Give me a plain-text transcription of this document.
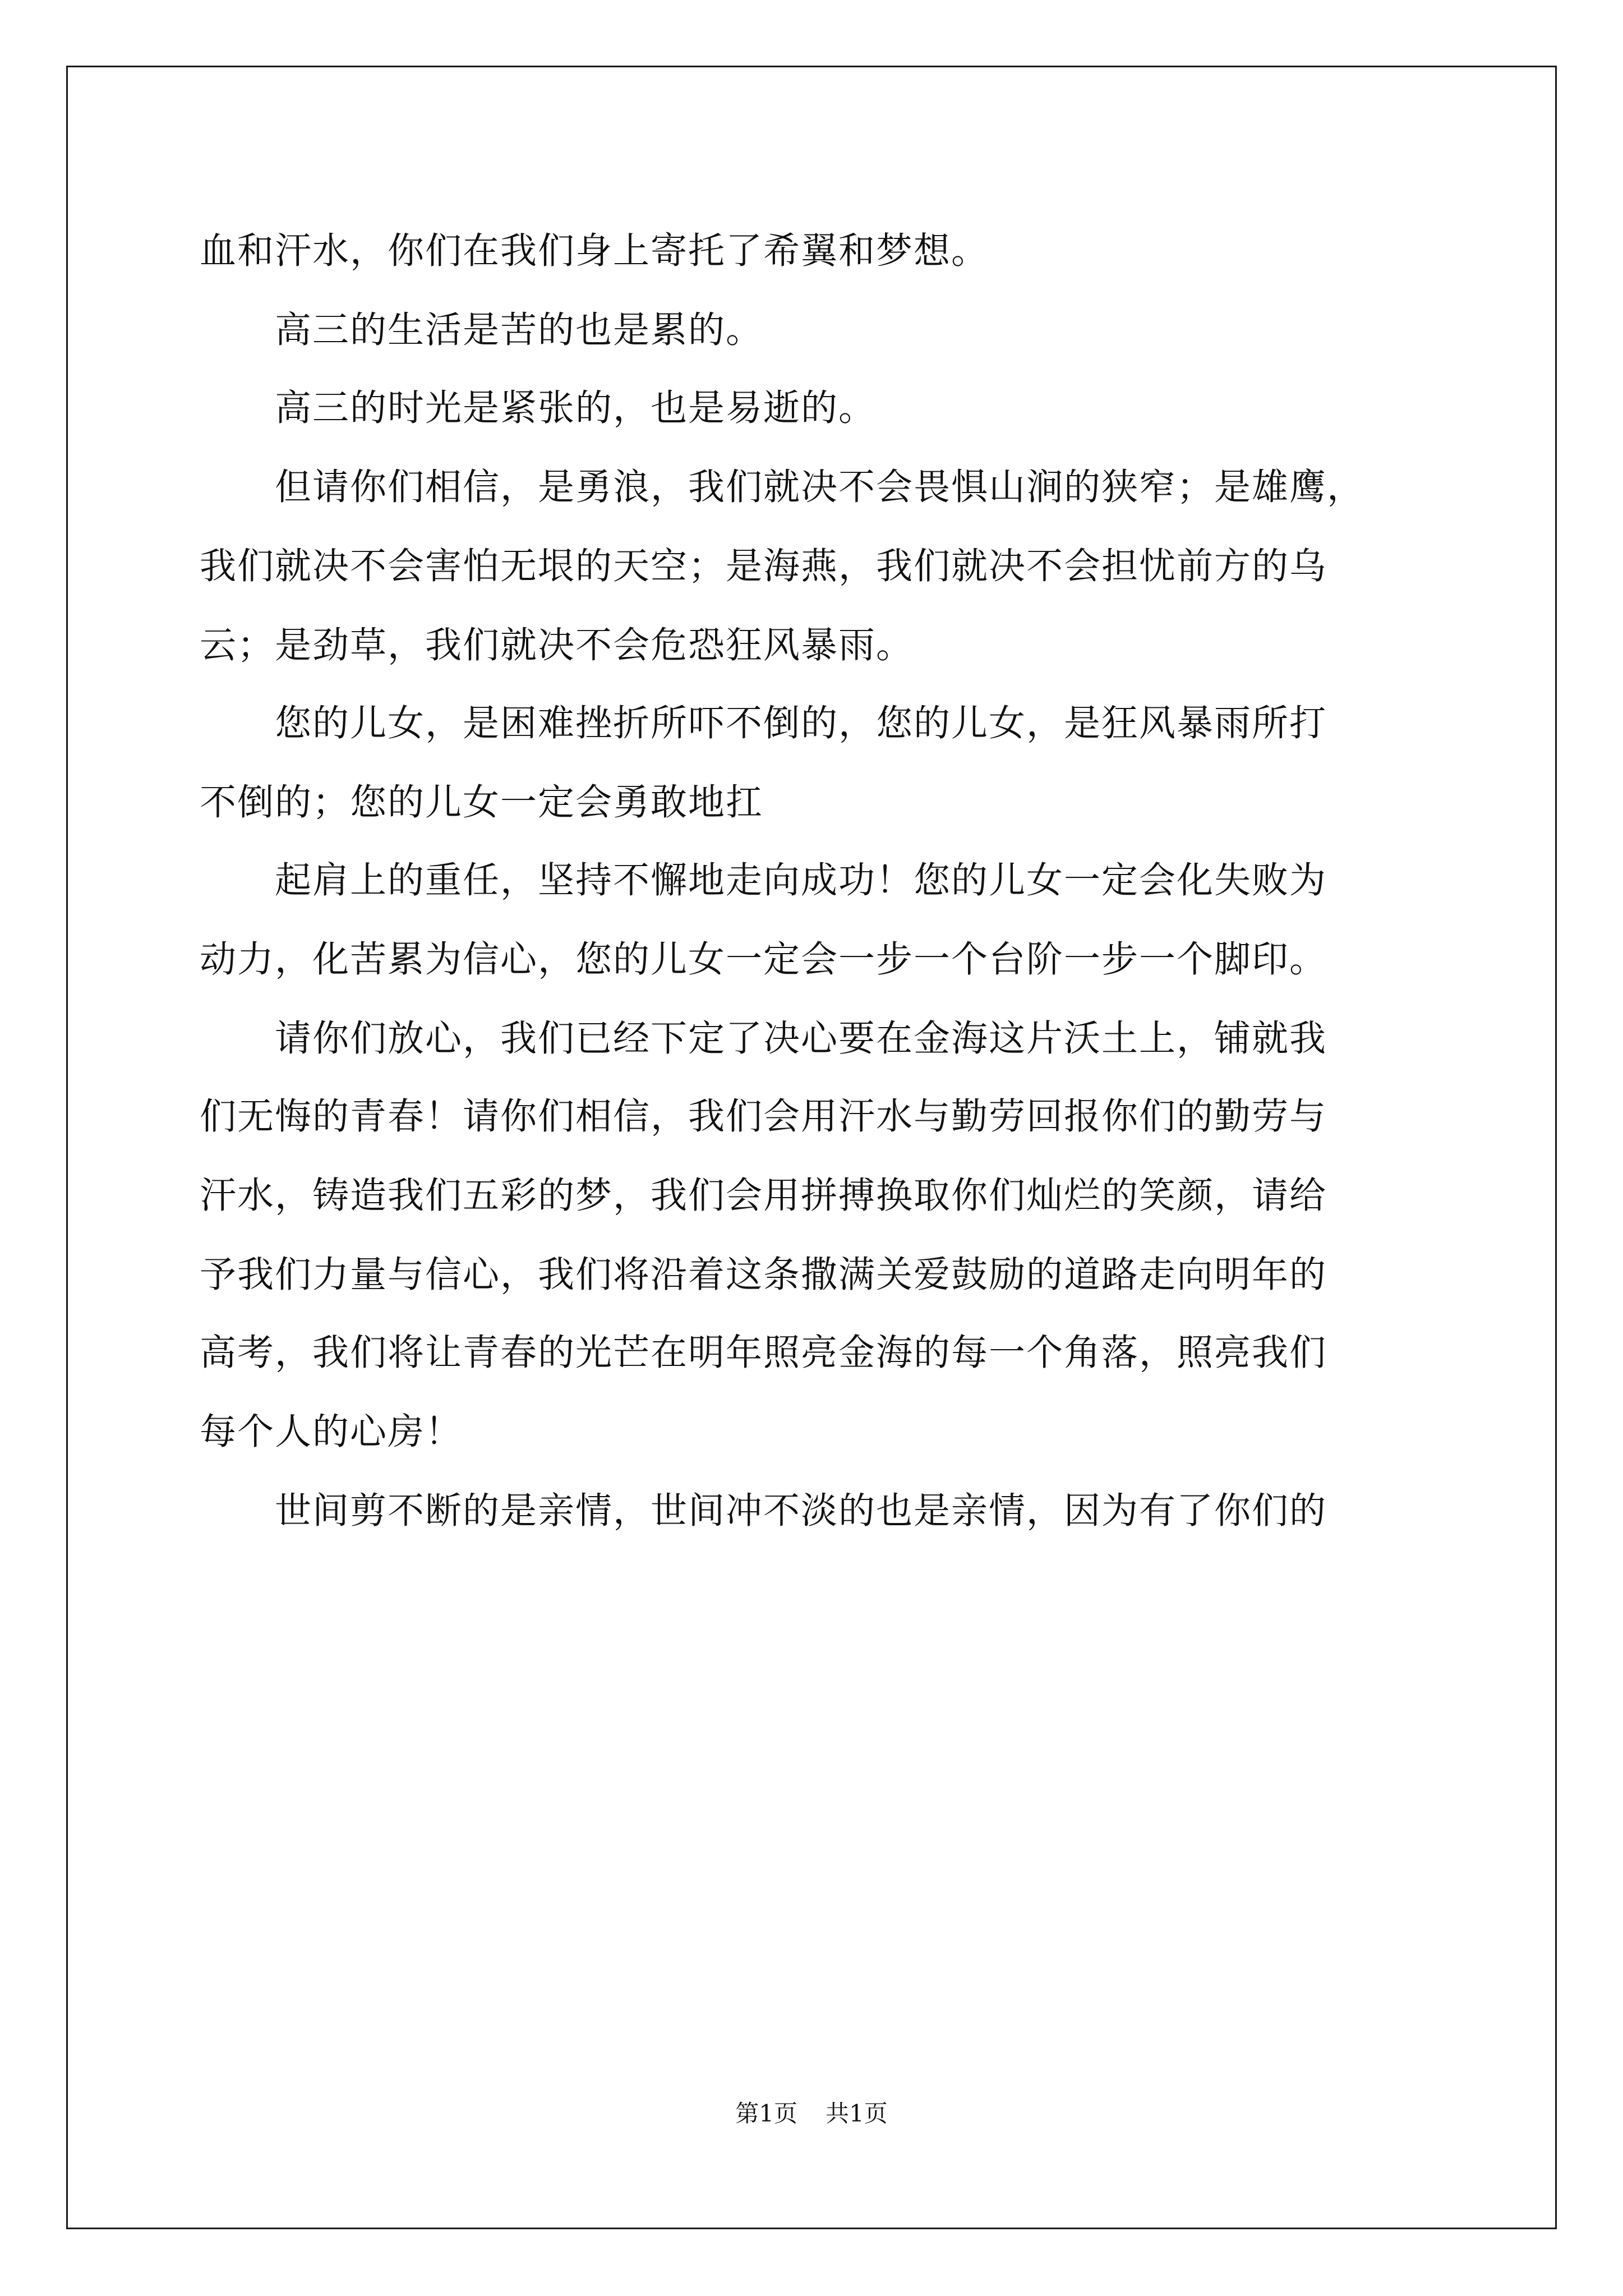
血和汗水，你们在我们身上寄托了希翼和梦想。
　　高三的生活是苦的也是累的。
　　高三的时光是紧张的，也是易逝的。
　　但请你们相信，是勇浪，我们就决不会畏惧山涧的狭窄；是雄鹰，
我们就决不会害怕无垠的天空；是海燕，我们就决不会担忧前方的乌
云；是劲草，我们就决不会危恐狂风暴雨。
　　您的儿女，是困难挫折所吓不倒的，您的儿女，是狂风暴雨所打
不倒的；您的儿女一定会勇敢地扛
　　起肩上的重任，坚持不懈地走向成功！您的儿女一定会化失败为
动力，化苦累为信心，您的儿女一定会一步一个台阶一步一个脚印。
　　请你们放心，我们已经下定了决心要在金海这片沃土上，铺就我
们无悔的青春！请你们相信，我们会用汗水与勤劳回报你们的勤劳与
汗水，铸造我们五彩的梦，我们会用拼搏换取你们灿烂的笑颜，请给
予我们力量与信心，我们将沿着这条撒满关爱鼓励的道路走向明年的
高考，我们将让青春的光芒在明年照亮金海的每一个角落，照亮我们
每个人的心房！
　　世间剪不断的是亲情，世间冲不淡的也是亲情，因为有了你们的
第1页 共1页
